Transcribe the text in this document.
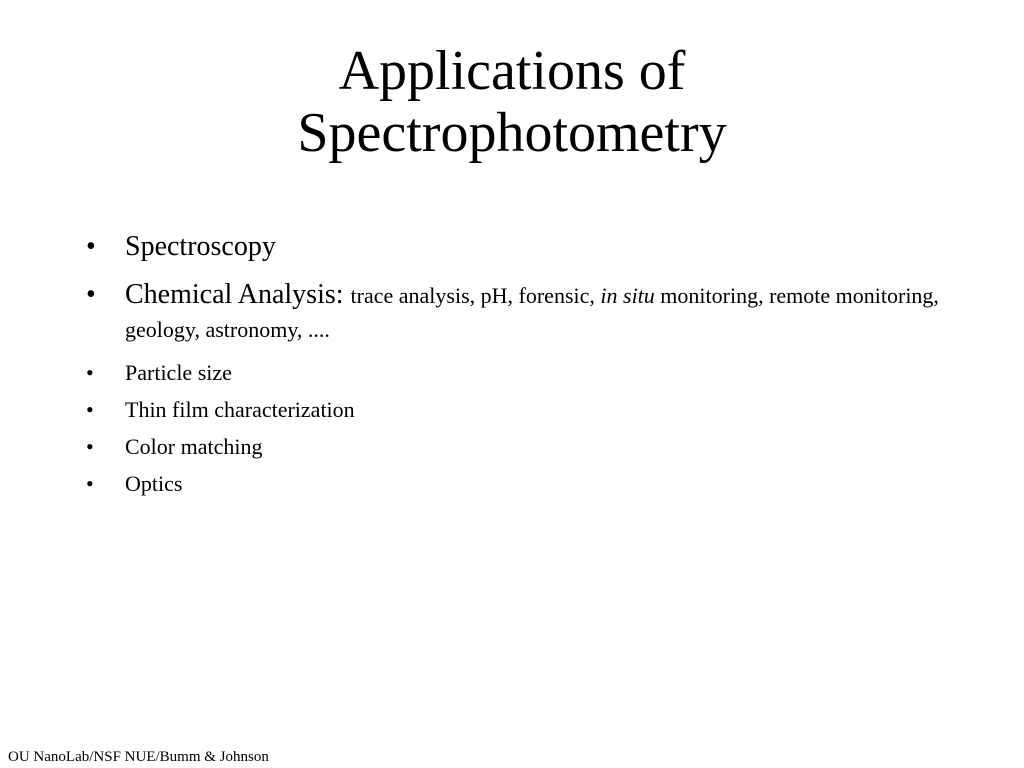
Applications of
Spectrophotometry
• Spectroscopy
• Chemical Analysis: trace analysis, pH, forensic, in situ monitoring, remote monitoring, geology, astronomy, ....
• Particle size
• Thin film characterization
• Color matching
• Optics
OU NanoLab/NSF NUE/Bumm & Johnson
